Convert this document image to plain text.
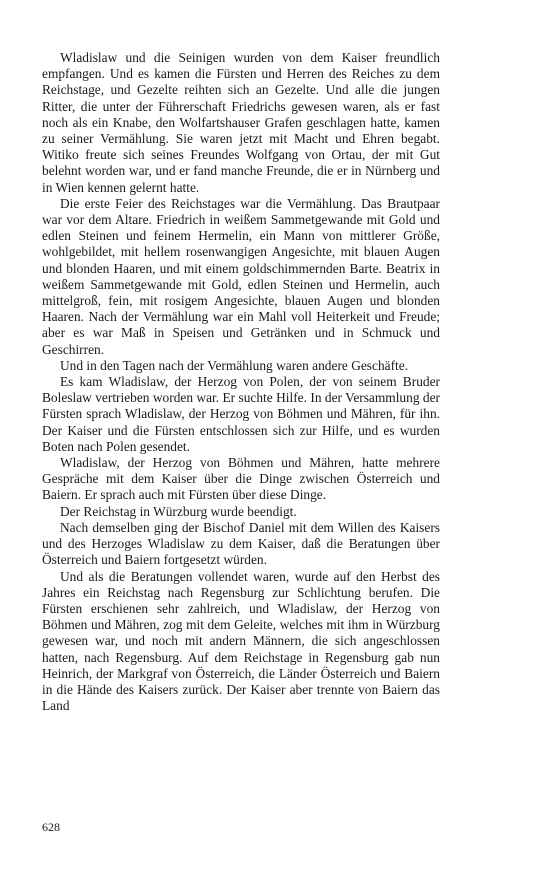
Wladislaw und die Seinigen wurden von dem Kaiser freundlich empfangen. Und es kamen die Fürsten und Herren des Reiches zu dem Reichstage, und Gezelte reihten sich an Gezelte. Und alle die jungen Ritter, die unter der Führerschaft Friedrichs gewesen waren, als er fast noch als ein Knabe, den Wolfartshauser Grafen geschlagen hatte, kamen zu seiner Vermählung. Sie waren jetzt mit Macht und Ehren begabt. Witiko freute sich seines Freundes Wolfgang von Ortau, der mit Gut belehnt worden war, und er fand manche Freunde, die er in Nürnberg und in Wien kennen gelernt hatte.

Die erste Feier des Reichstages war die Vermählung. Das Brautpaar war vor dem Altare. Friedrich in weißem Sammetgewande mit Gold und edlen Steinen und feinem Hermelin, ein Mann von mittlerer Größe, wohlgebildet, mit hellem rosenwangigen Angesichte, mit blauen Augen und blonden Haaren, und mit einem goldschimmernden Barte. Beatrix in weißem Sammetgewande mit Gold, edlen Steinen und Hermelin, auch mittelgroß, fein, mit rosigem Angesichte, blauen Augen und blonden Haaren. Nach der Vermählung war ein Mahl voll Heiterkeit und Freude; aber es war Maß in Speisen und Getränken und in Schmuck und Geschirren.

Und in den Tagen nach der Vermählung waren andere Geschäfte.

Es kam Wladislaw, der Herzog von Polen, der von seinem Bruder Boleslaw vertrieben worden war. Er suchte Hilfe. In der Versammlung der Fürsten sprach Wladislaw, der Herzog von Böhmen und Mähren, für ihn. Der Kaiser und die Fürsten entschlossen sich zur Hilfe, und es wurden Boten nach Polen gesendet.

Wladislaw, der Herzog von Böhmen und Mähren, hatte mehrere Gespräche mit dem Kaiser über die Dinge zwischen Österreich und Baiern. Er sprach auch mit Fürsten über diese Dinge.

Der Reichstag in Würzburg wurde beendigt.

Nach demselben ging der Bischof Daniel mit dem Willen des Kaisers und des Herzoges Wladislaw zu dem Kaiser, daß die Beratungen über Österreich und Baiern fortgesetzt würden.

Und als die Beratungen vollendet waren, wurde auf den Herbst des Jahres ein Reichstag nach Regensburg zur Schlichtung berufen. Die Fürsten erschienen sehr zahlreich, und Wladislaw, der Herzog von Böhmen und Mähren, zog mit dem Geleite, welches mit ihm in Würzburg gewesen war, und noch mit andern Männern, die sich angeschlossen hatten, nach Regensburg. Auf dem Reichstage in Regensburg gab nun Heinrich, der Markgraf von Österreich, die Länder Österreich und Baiern in die Hände des Kaisers zurück. Der Kaiser aber trennte von Baiern das Land

628
